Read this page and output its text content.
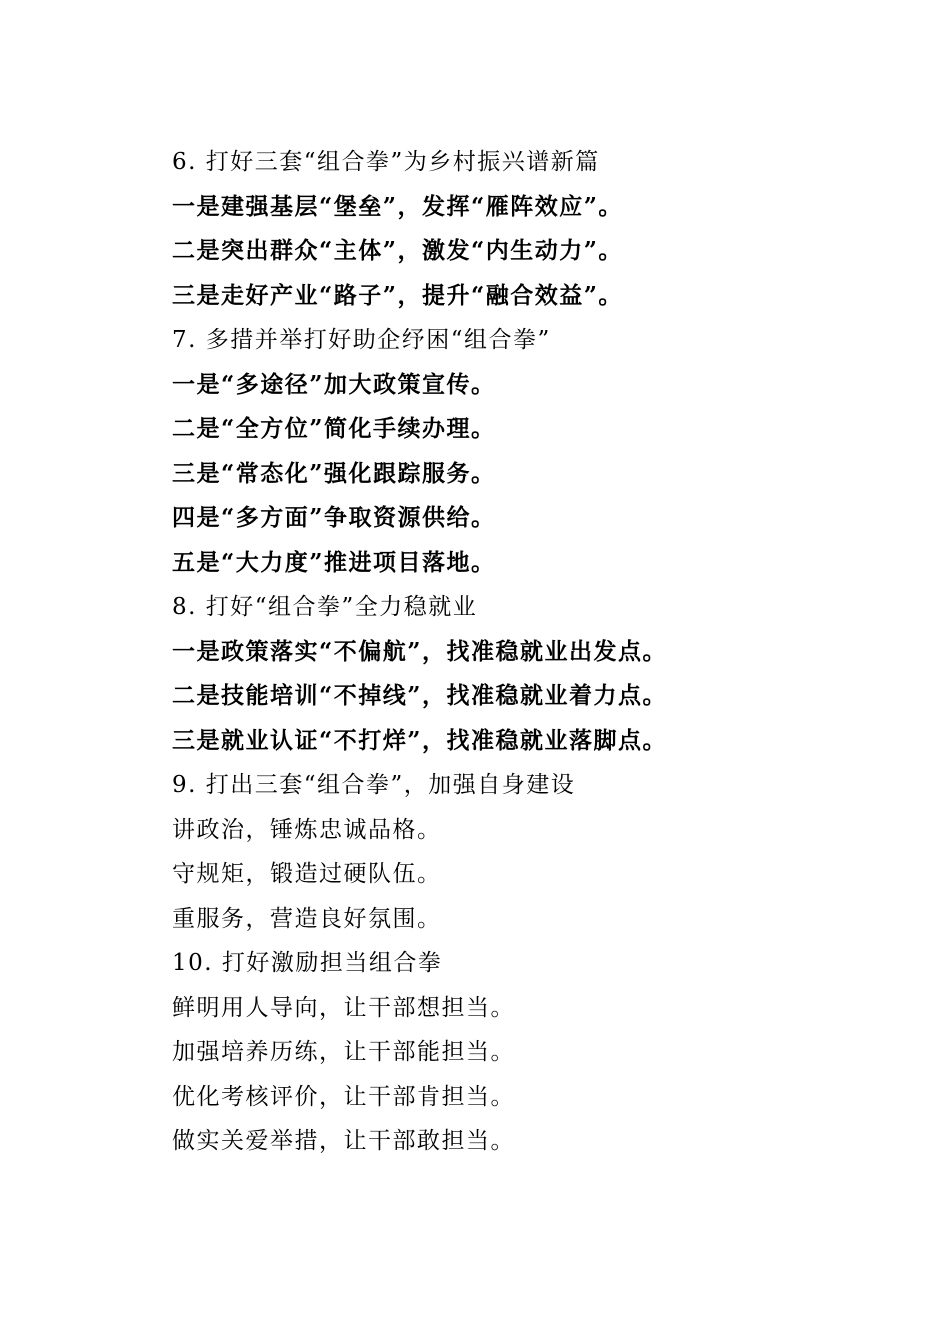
6. 打好三套“组合拳”为乡村振兴谱新篇
一是建强基层“堡垒”，发挥“雁阵效应”。
二是突出群众“主体”，激发“内生动力”。
三是走好产业“路子”，提升“融合效益”。
7. 多措并举打好助企纾困“组合拳”
一是“多途径”加大政策宣传。
二是“全方位”简化手续办理。
三是“常态化”强化跟踪服务。
四是“多方面”争取资源供给。
五是“大力度”推进项目落地。
8. 打好“组合拳”全力稳就业
一是政策落实“不偏航”，找准稳就业出发点。
二是技能培训“不掉线”，找准稳就业着力点。
三是就业认证“不打烊”，找准稳就业落脚点。
9. 打出三套“组合拳”，加强自身建设
讲政治，锤炼忠诚品格。
守规矩，锻造过硬队伍。
重服务，营造良好氛围。
10. 打好激励担当组合拳
鲜明用人导向，让干部想担当。
加强培养历练，让干部能担当。
优化考核评价，让干部肯担当。
做实关爱举措，让干部敢担当。
